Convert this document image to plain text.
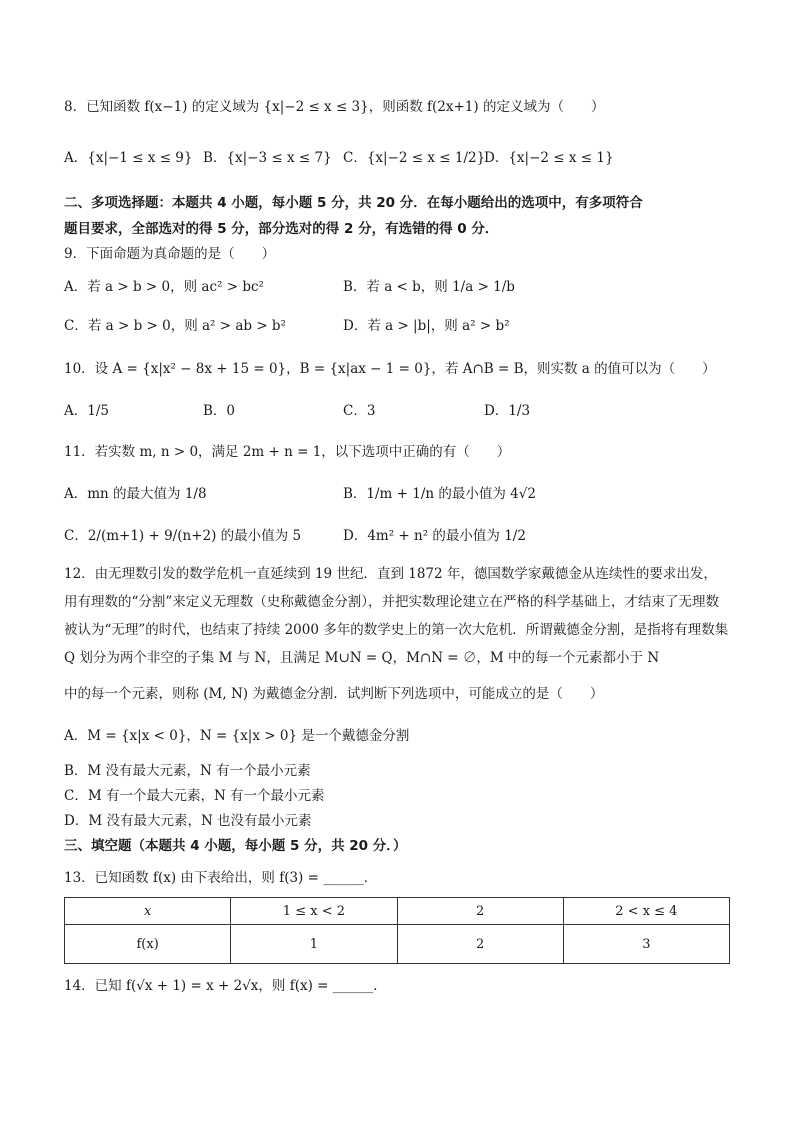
8．已知函数 f(x−1) 的定义域为 {x|−2 ≤ x ≤ 3}，则函数 f(2x+1) 的定义域为（　　）
A．{x|−1 ≤ x ≤ 9} B．{x|−3 ≤ x ≤ 7} C．{x|−2 ≤ x ≤ 1/2}
D．{x|−2 ≤ x ≤ 1}
二、多项选择题：本题共 4 小题，每小题 5 分，共 20 分．在每小题给出的选项中，有多项符合
题目要求，全部选对的得 5 分，部分选对的得 2 分，有选错的得 0 分．
9．下面命题为真命题的是（　　）
A．若 a > b > 0，则 ac² > bc²	B．若 a < b，则 1/a > 1/b
C．若 a > b > 0，则 a² > ab > b²	D．若 a > |b|，则 a² > b²
10．设 A = {x|x² − 8x + 15 = 0}，B = {x|ax − 1 = 0}，若 A∩B = B，则实数 a 的值可以为（　　）
A．1/5	B．0	C．3	D．1/3
11．若实数 m, n > 0，满足 2m + n = 1，以下选项中正确的有（　　）
A．mn 的最大值为 1/8	B．1/m + 1/n 的最小值为 4√2
C．2/(m+1) + 9/(n+2) 的最小值为 5	D．4m² + n² 的最小值为 1/2
12．由无理数引发的数学危机一直延续到 19 世纪．直到 1872 年，德国数学家戴德金从连续性的要求出发，用有理数的“分割”来定义无理数（史称戴德金分割），并把实数理论建立在严格的科学基础上，才结束了无理数被认为“无理”的时代，也结束了持续 2000 多年的数学史上的第一次大危机．所谓戴德金分割，是指将有理数集 Q 划分为两个非空的子集 M 与 N，且满足 M∪N = Q，M∩N = ∅，M 中的每一个元素都小于 N
中的每一个元素，则称 (M, N) 为戴德金分割．试判断下列选项中，可能成立的是（　　）
A．M = {x|x < 0}，N = {x|x > 0} 是一个戴德金分割
B．M 没有最大元素，N 有一个最小元素
C．M 有一个最大元素，N 有一个最小元素
D．M 没有最大元素，N 也没有最小元素
三、填空题（本题共 4 小题，每小题 5 分，共 20 分．）
13．已知函数 f(x) 由下表给出，则 f(3) = ______．
x	1 ≤ x < 2	2	2 < x ≤ 4
f(x)	1	2	3
14．已知 f(√x + 1) = x + 2√x，则 f(x) = ______．
